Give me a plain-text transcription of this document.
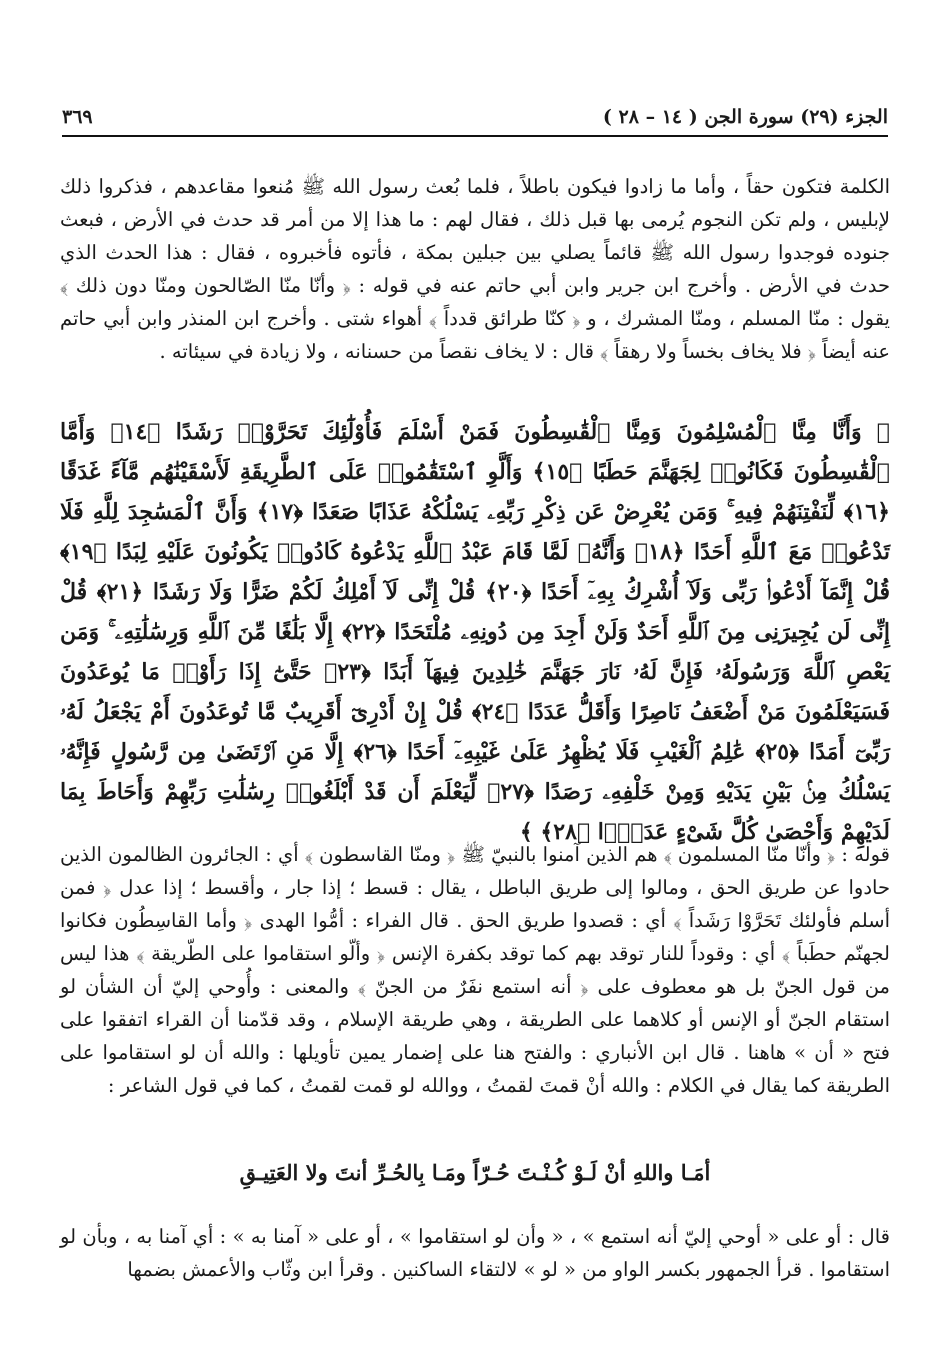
الجزء (٢٩) سورة الجن ( ١٤ – ٢٨ )
٣٦٩

الكلمة فتكون حقاً ، وأما ما زادوا فيكون باطلاً ، فلما بُعث رسول الله ﷺ مُنعوا مقاعدهم ، فذكروا ذلك لإبليس ، ولم تكن النجوم يُرمى بها قبل ذلك ، فقال لهم : ما هذا إلا من أمر قد حدث في الأرض ، فبعث جنوده فوجدوا رسول الله ﷺ قائماً يصلي بين جبلين بمكة ، فأتوه فأخبروه ، فقال : هذا الحدث الذي حدث في الأرض . وأخرج ابن جرير وابن أبي حاتم عنه في قوله : ﴿ وأنّا منّا الصّالحون ومنّا دون ذلك ﴾ يقول : منّا المسلم ، ومنّا المشرك ، و ﴿ كنّا طرائق قدداً ﴾ أهواء شتى . وأخرج ابن المنذر وابن أبي حاتم عنه أيضاً ﴿ فلا يخاف بخساً ولا رهقاً ﴾ قال : لا يخاف نقصاً من حسنانه ، ولا زيادة في سيئاته .

﴿ وَأَنَّا مِنَّا ٱلْمُسْلِمُونَ وَمِنَّا ٱلْقَٰسِطُونَ فَمَنْ أَسْلَمَ فَأُوْلَٰٓئِكَ تَحَرَّوْا۟ رَشَدًا ﴿١٤﴾ وَأَمَّا ٱلْقَٰسِطُونَ فَكَانُوا۟ لِجَهَنَّمَ حَطَبًا ﴿١٥﴾ وَأَلَّوِ ٱسْتَقَٰمُوا۟ عَلَى ٱلطَّرِيقَةِ لَأَسْقَيْنَٰهُم مَّآءً غَدَقًا ﴿١٦﴾ لِّنَفْتِنَهُمْ فِيهِ ۚ وَمَن يُعْرِضْ عَن ذِكْرِ رَبِّهِۦ يَسْلُكْهُ عَذَابًا صَعَدًا ﴿١٧﴾ وَأَنَّ ٱلْمَسَٰجِدَ لِلَّهِ فَلَا تَدْعُوا۟ مَعَ ٱللَّهِ أَحَدًا ﴿١٨﴾ وَأَنَّهُۥ لَمَّا قَامَ عَبْدُ ٱللَّهِ يَدْعُوهُ كَادُوا۟ يَكُونُونَ عَلَيْهِ لِبَدًا ﴿١٩﴾ قُلْ إِنَّمَآ أَدْعُوا۟ رَبِّى وَلَآ أُشْرِكُ بِهِۦٓ أَحَدًا ﴿٢٠﴾ قُلْ إِنِّى لَآ أَمْلِكُ لَكُمْ ضَرًّا وَلَا رَشَدًا ﴿٢١﴾ قُلْ إِنِّى لَن يُجِيرَنِى مِنَ ٱللَّهِ أَحَدٌ وَلَنْ أَجِدَ مِن دُونِهِۦ مُلْتَحَدًا ﴿٢٢﴾ إِلَّا بَلَٰغًا مِّنَ ٱللَّهِ وَرِسَٰلَٰتِهِۦ ۚ وَمَن يَعْصِ ٱللَّهَ وَرَسُولَهُۥ فَإِنَّ لَهُۥ نَارَ جَهَنَّمَ خَٰلِدِينَ فِيهَآ أَبَدًا ﴿٢٣﴾ حَتَّىٰٓ إِذَا رَأَوْا۟ مَا يُوعَدُونَ فَسَيَعْلَمُونَ مَنْ أَضْعَفُ نَاصِرًا وَأَقَلُّ عَدَدًا ﴿٢٤﴾ قُلْ إِنْ أَدْرِىٓ أَقَرِيبٌ مَّا تُوعَدُونَ أَمْ يَجْعَلُ لَهُۥ رَبِّىٓ أَمَدًا ﴿٢٥﴾ عَٰلِمُ ٱلْغَيْبِ فَلَا يُظْهِرُ عَلَىٰ غَيْبِهِۦٓ أَحَدًا ﴿٢٦﴾ إِلَّا مَنِ ٱرْتَضَىٰ مِن رَّسُولٍ فَإِنَّهُۥ يَسْلُكُ مِنۢ بَيْنِ يَدَيْهِ وَمِنْ خَلْفِهِۦ رَصَدًا ﴿٢٧﴾ لِّيَعْلَمَ أَن قَدْ أَبْلَغُوا۟ رِسَٰلَٰتِ رَبِّهِمْ وَأَحَاطَ بِمَا لَدَيْهِمْ وَأَحْصَىٰ كُلَّ شَىْءٍ عَدَدًۢا ﴿٢٨﴾ ﴾

قوله : ﴿ وأنّا منّا المسلمون ﴾ هم الذين آمنوا بالنبيّ ﷺ ﴿ ومنّا القاسطون ﴾ أي : الجائرون الظالمون الذين حادوا عن طريق الحق ، ومالوا إلى طريق الباطل ، يقال : قسط ؛ إذا جار ، وأقسط ؛ إذا عدل ﴿ فمن أسلم فأولئك تَحَرَّوْا رَشَداً ﴾ أي : قصدوا طريق الحق . قال الفراء : أمُّوا الهدى ﴿ وأما القاسِطُون فكانوا لجهنّم حطَباً ﴾ أي : وقوداً للنار توقد بهم كما توقد بكفرة الإنس ﴿ وألّو استقاموا على الطّريقة ﴾ هذا ليس من قول الجنّ بل هو معطوف على ﴿ أنه استمع نفَرٌ من الجنّ ﴾ والمعنى : وأُوحي إليّ أن الشأن لو استقام الجنّ أو الإنس أو كلاهما على الطريقة ، وهي طريقة الإسلام ، وقد قدّمنا أن القراء اتفقوا على فتح « أن » هاهنا . قال ابن الأنباري : والفتح هنا على إضمار يمين تأويلها : والله أن لو استقاموا على الطريقة كما يقال في الكلام : والله أنْ قمتَ لقمتُ ، ووالله لو قمت لقمتُ ، كما في قول الشاعر :

أمَـا واللهِ أنْ لَـوْ كُـنْـتَ حُـرّاً ومَـا بِالحُـرِّ أنتَ ولا العَتِيـقِ

قال : أو على « أوحي إليّ أنه استمع » ، « وأن لو استقاموا » ، أو على « آمنا به » : أي آمنا به ، وبأن لو استقاموا . قرأ الجمهور بكسر الواو من « لو » لالتقاء الساكنين . وقرأ ابن وثّاب والأعمش بضمها
